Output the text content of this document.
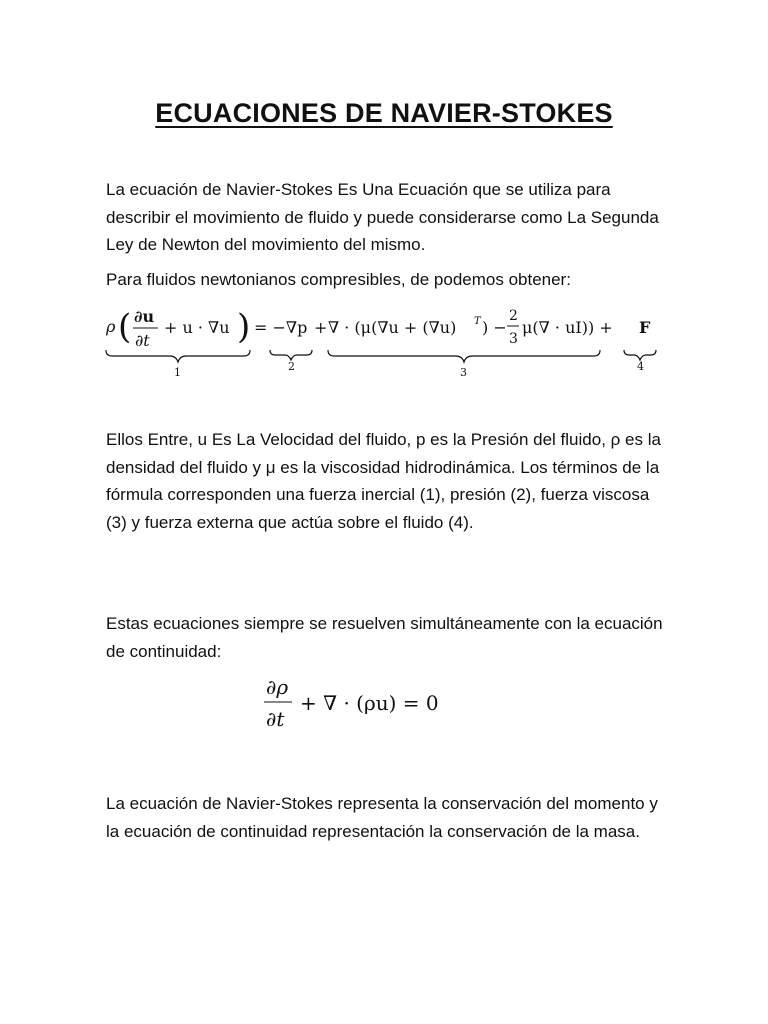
ECUACIONES DE NAVIER-STOKES

La ecuación de Navier-Stokes Es Una Ecuación que se utiliza para describir el movimiento de fluido y puede considerarse como La Segunda Ley de Newton del movimiento del mismo.

Para fluidos newtonianos compresibles, de podemos obtener:

ρ ( ∂u
∂t
+ u · ∇u ) = −∇p + ∇ · (μ(∇u + (∇u) T ) −
2
3
μ(∇ · uI)) + F
1	2	3	4

Ellos Entre, u Es La Velocidad del fluido, p es la Presión del fluido, ρ es la densidad del fluido y μ es la viscosidad hidrodinámica. Los términos de la fórmula corresponden una fuerza inercial (1), presión (2), fuerza viscosa (3) y fuerza externa que actúa sobre el fluido (4).

Estas ecuaciones siempre se resuelven simultáneamente con la ecuación de continuidad:

∂ρ
∂t
+ ∇ · (ρu) = 0

La ecuación de Navier-Stokes representa la conservación del momento y la ecuación de continuidad representación la conservación de la masa.
